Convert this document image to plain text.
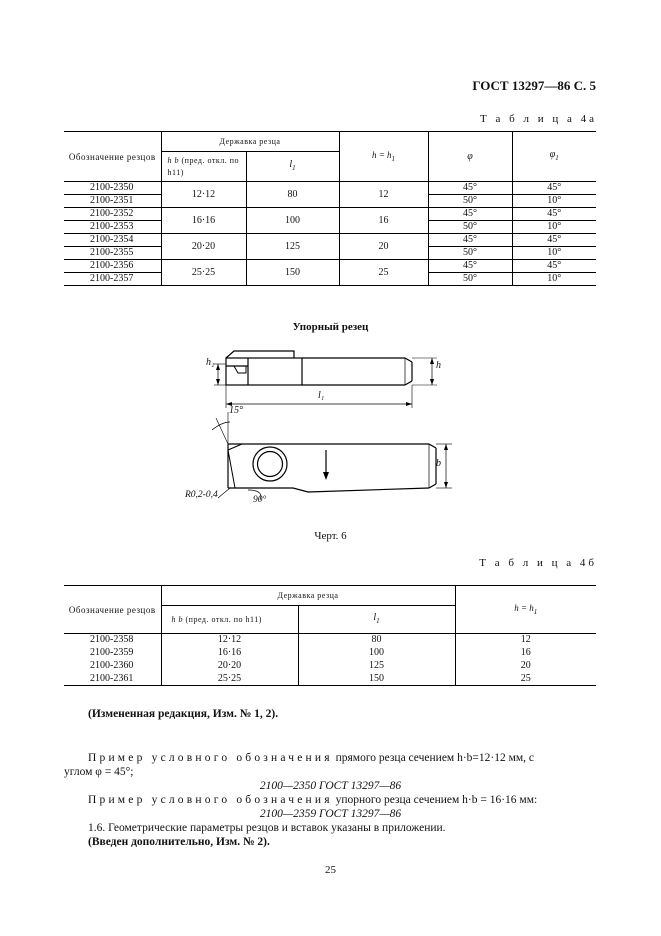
ГОСТ 13297—86 С. 5
Т а б л и ц а 4а
Обозначение резцов	Державка резца		$h = h_1$	φ	$\varphi_1$
	h b (пред. откл. по h11)	$l_1$
2100-2350	12·12	80	12	45°	45°
2100-2351				50°	10°
2100-2352	16·16	100	16	45°	45°
2100-2353				50°	10°
2100-2354	20·20	125	20	45°	45°
2100-2355				50°	10°
2100-2356	25·25	150	25	45°	45°
2100-2357				50°	10°
Упорный резец
h₁	h
l₁
b
15°
R0,2-0,4	90°
Черт. 6
Т а б л и ц а 4б
Обозначение резцов	Державка резца		$h = h_1$
	h b (пред. откл. по h11)	$l_1$
2100-2358	12·12	80	12
2100-2359	16·16	100	16
2100-2360	20·20	125	20
2100-2361	25·25	150	25
(Измененная редакция, Изм. № 1, 2).
Пример условного обозначения прямого резца сечением h·b=12·12 мм, с
углом φ = 45°;
2100—2350 ГОСТ 13297—86
Пример условного обозначения упорного резца сечением h·b = 16·16 мм:
2100—2359 ГОСТ 13297—86
1.6. Геометрические параметры резцов и вставок указаны в приложении.
(Введен дополнительно, Изм. № 2).
25
